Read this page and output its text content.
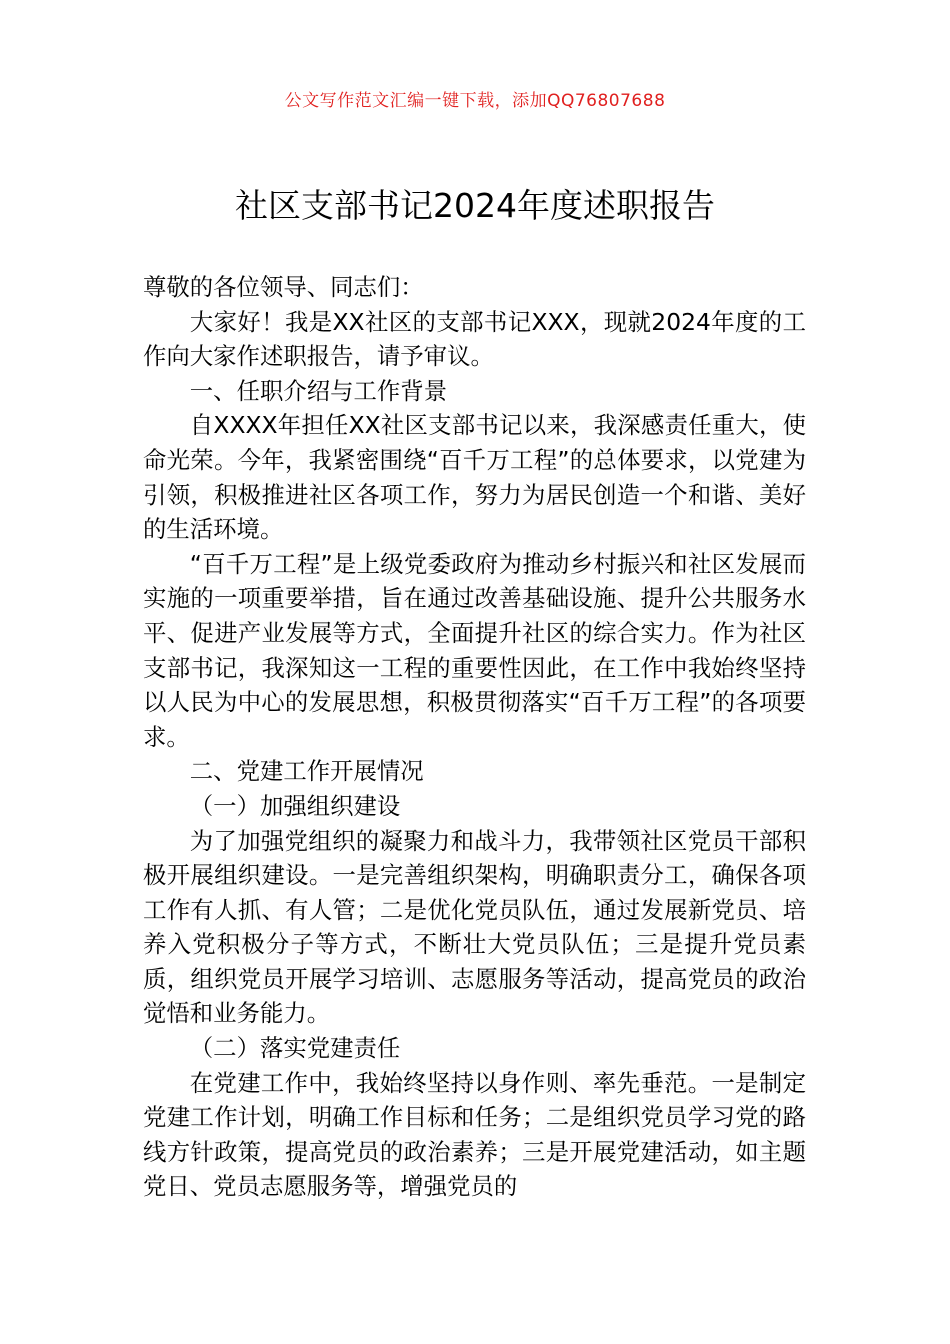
公文写作范文汇编一键下载，添加QQ76807688
社区支部书记2024年度述职报告

尊敬的各位领导、同志们：

大家好！我是XX社区的支部书记XXX，现就2024年度的工作向大家作述职报告，请予审议。

一、任职介绍与工作背景

自XXXX年担任XX社区支部书记以来，我深感责任重大，使命光荣。今年，我紧密围绕“百千万工程”的总体要求，以党建为引领，积极推进社区各项工作，努力为居民创造一个和谐、美好的生活环境。

“百千万工程”是上级党委政府为推动乡村振兴和社区发展而实施的一项重要举措，旨在通过改善基础设施、提升公共服务水平、促进产业发展等方式，全面提升社区的综合实力。作为社区支部书记，我深知这一工程的重要性因此，在工作中我始终坚持以人民为中心的发展思想，积极贯彻落实“百千万工程”的各项要求。

二、党建工作开展情况

（一）加强组织建设

为了加强党组织的凝聚力和战斗力，我带领社区党员干部积极开展组织建设。一是完善组织架构，明确职责分工，确保各项工作有人抓、有人管；二是优化党员队伍，通过发展新党员、培养入党积极分子等方式，不断壮大党员队伍；三是提升党员素质，组织党员开展学习培训、志愿服务等活动，提高党员的政治觉悟和业务能力。

（二）落实党建责任

在党建工作中，我始终坚持以身作则、率先垂范。一是制定党建工作计划，明确工作目标和任务；二是组织党员学习党的路线方针政策，提高党员的政治素养；三是开展党建活动，如主题党日、党员志愿服务等，增强党员的
